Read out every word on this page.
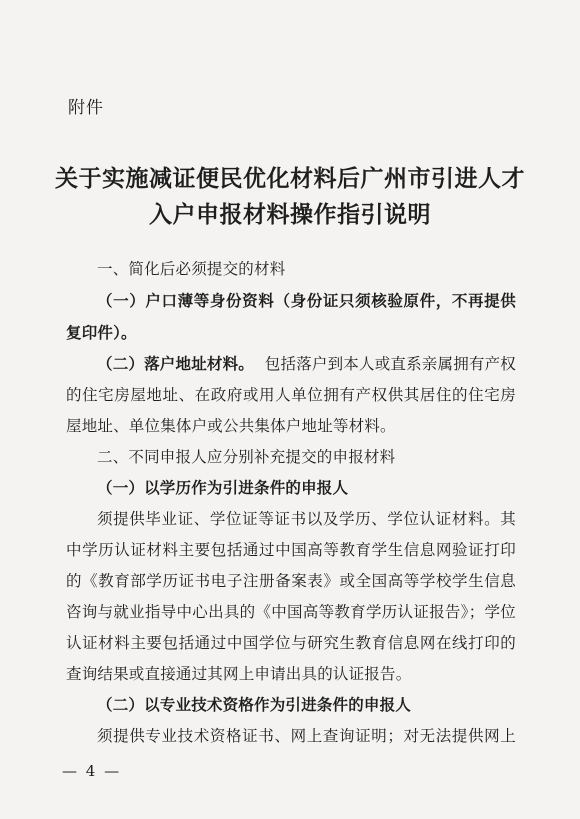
附件
关于实施减证便民优化材料后广州市引进人才
入户申报材料操作指引说明
一、简化后必须提交的材料
（一）户口薄等身份资料（身份证只须核验原件，不再提供
复印件）。
（二）落户地址材料。 包括落户到本人或直系亲属拥有产权
的住宅房屋地址、在政府或用人单位拥有产权供其居住的住宅房
屋地址、单位集体户或公共集体户地址等材料。
二、不同申报人应分别补充提交的申报材料
（一）以学历作为引进条件的申报人
须提供毕业证、学位证等证书以及学历、学位认证材料。其
中学历认证材料主要包括通过中国高等教育学生信息网验证打印
的《教育部学历证书电子注册备案表》或全国高等学校学生信息
咨询与就业指导中心出具的《中国高等教育学历认证报告》；学位
认证材料主要包括通过中国学位与研究生教育信息网在线打印的
查询结果或直接通过其网上申请出具的认证报告。
（二）以专业技术资格作为引进条件的申报人
须提供专业技术资格证书、网上查询证明；对无法提供网上
— 4 —
